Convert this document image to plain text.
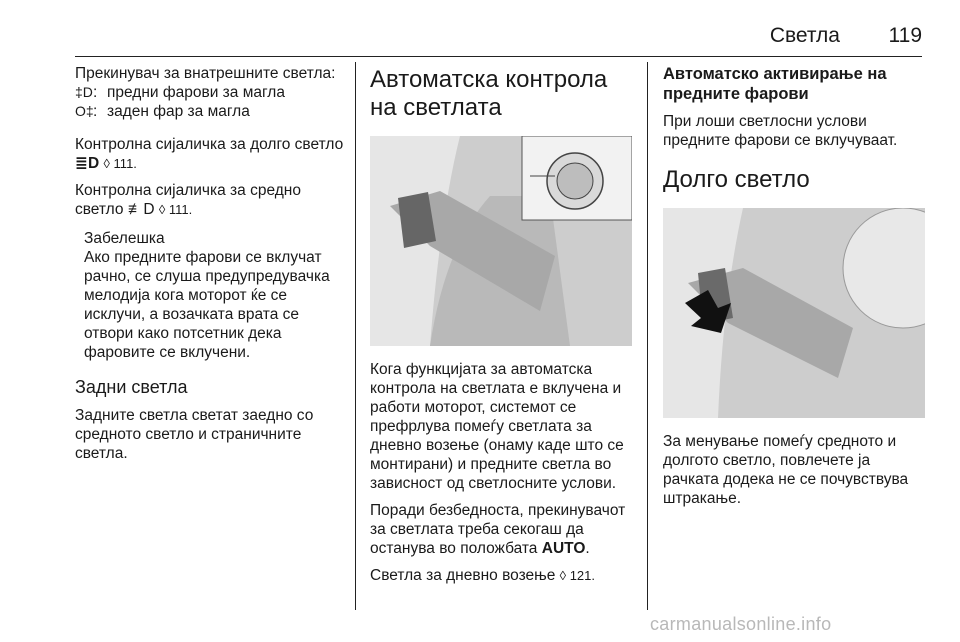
Светла 119

Прекинувач за внатрешните светла:

‡D : предни фарови за магла
O‡ : заден фар за магла

Контролна сијаличка за долго светло ≣D ◊ 111.

Контролна сијаличка за средно светло ≢D ◊ 111.

Забелешка
Ако предните фарови се вклучат рачно, се слуша предупредувачка мелодија кога моторот ќе се исклучи, а возачката врата се отвори како потсетник дека фаровите се вклучени.
Задни светла

Задните светла светат заедно со средното светло и страничните светла.

Автоматска контрола на светлата

Кога функцијата за автоматска контрола на светлата е вклучена и работи моторот, системот се префрлува помеѓу светлата за дневно возење (онаму каде што се монтирани) и предните светла во зависност од светлосните услови.

Поради безбедноста, прекинувачот за светлата треба секогаш да останува во положбата AUTO.

Светла за дневно возење ◊ 121.

Автоматско активирање на предните фарови

При лоши светлосни услови предните фарови се вклучуваат.

Долго светло

За менување помеѓу средното и долгото светло, повлечете ја рачката додека не се почувствува штракање.

carmanualsonline.info
